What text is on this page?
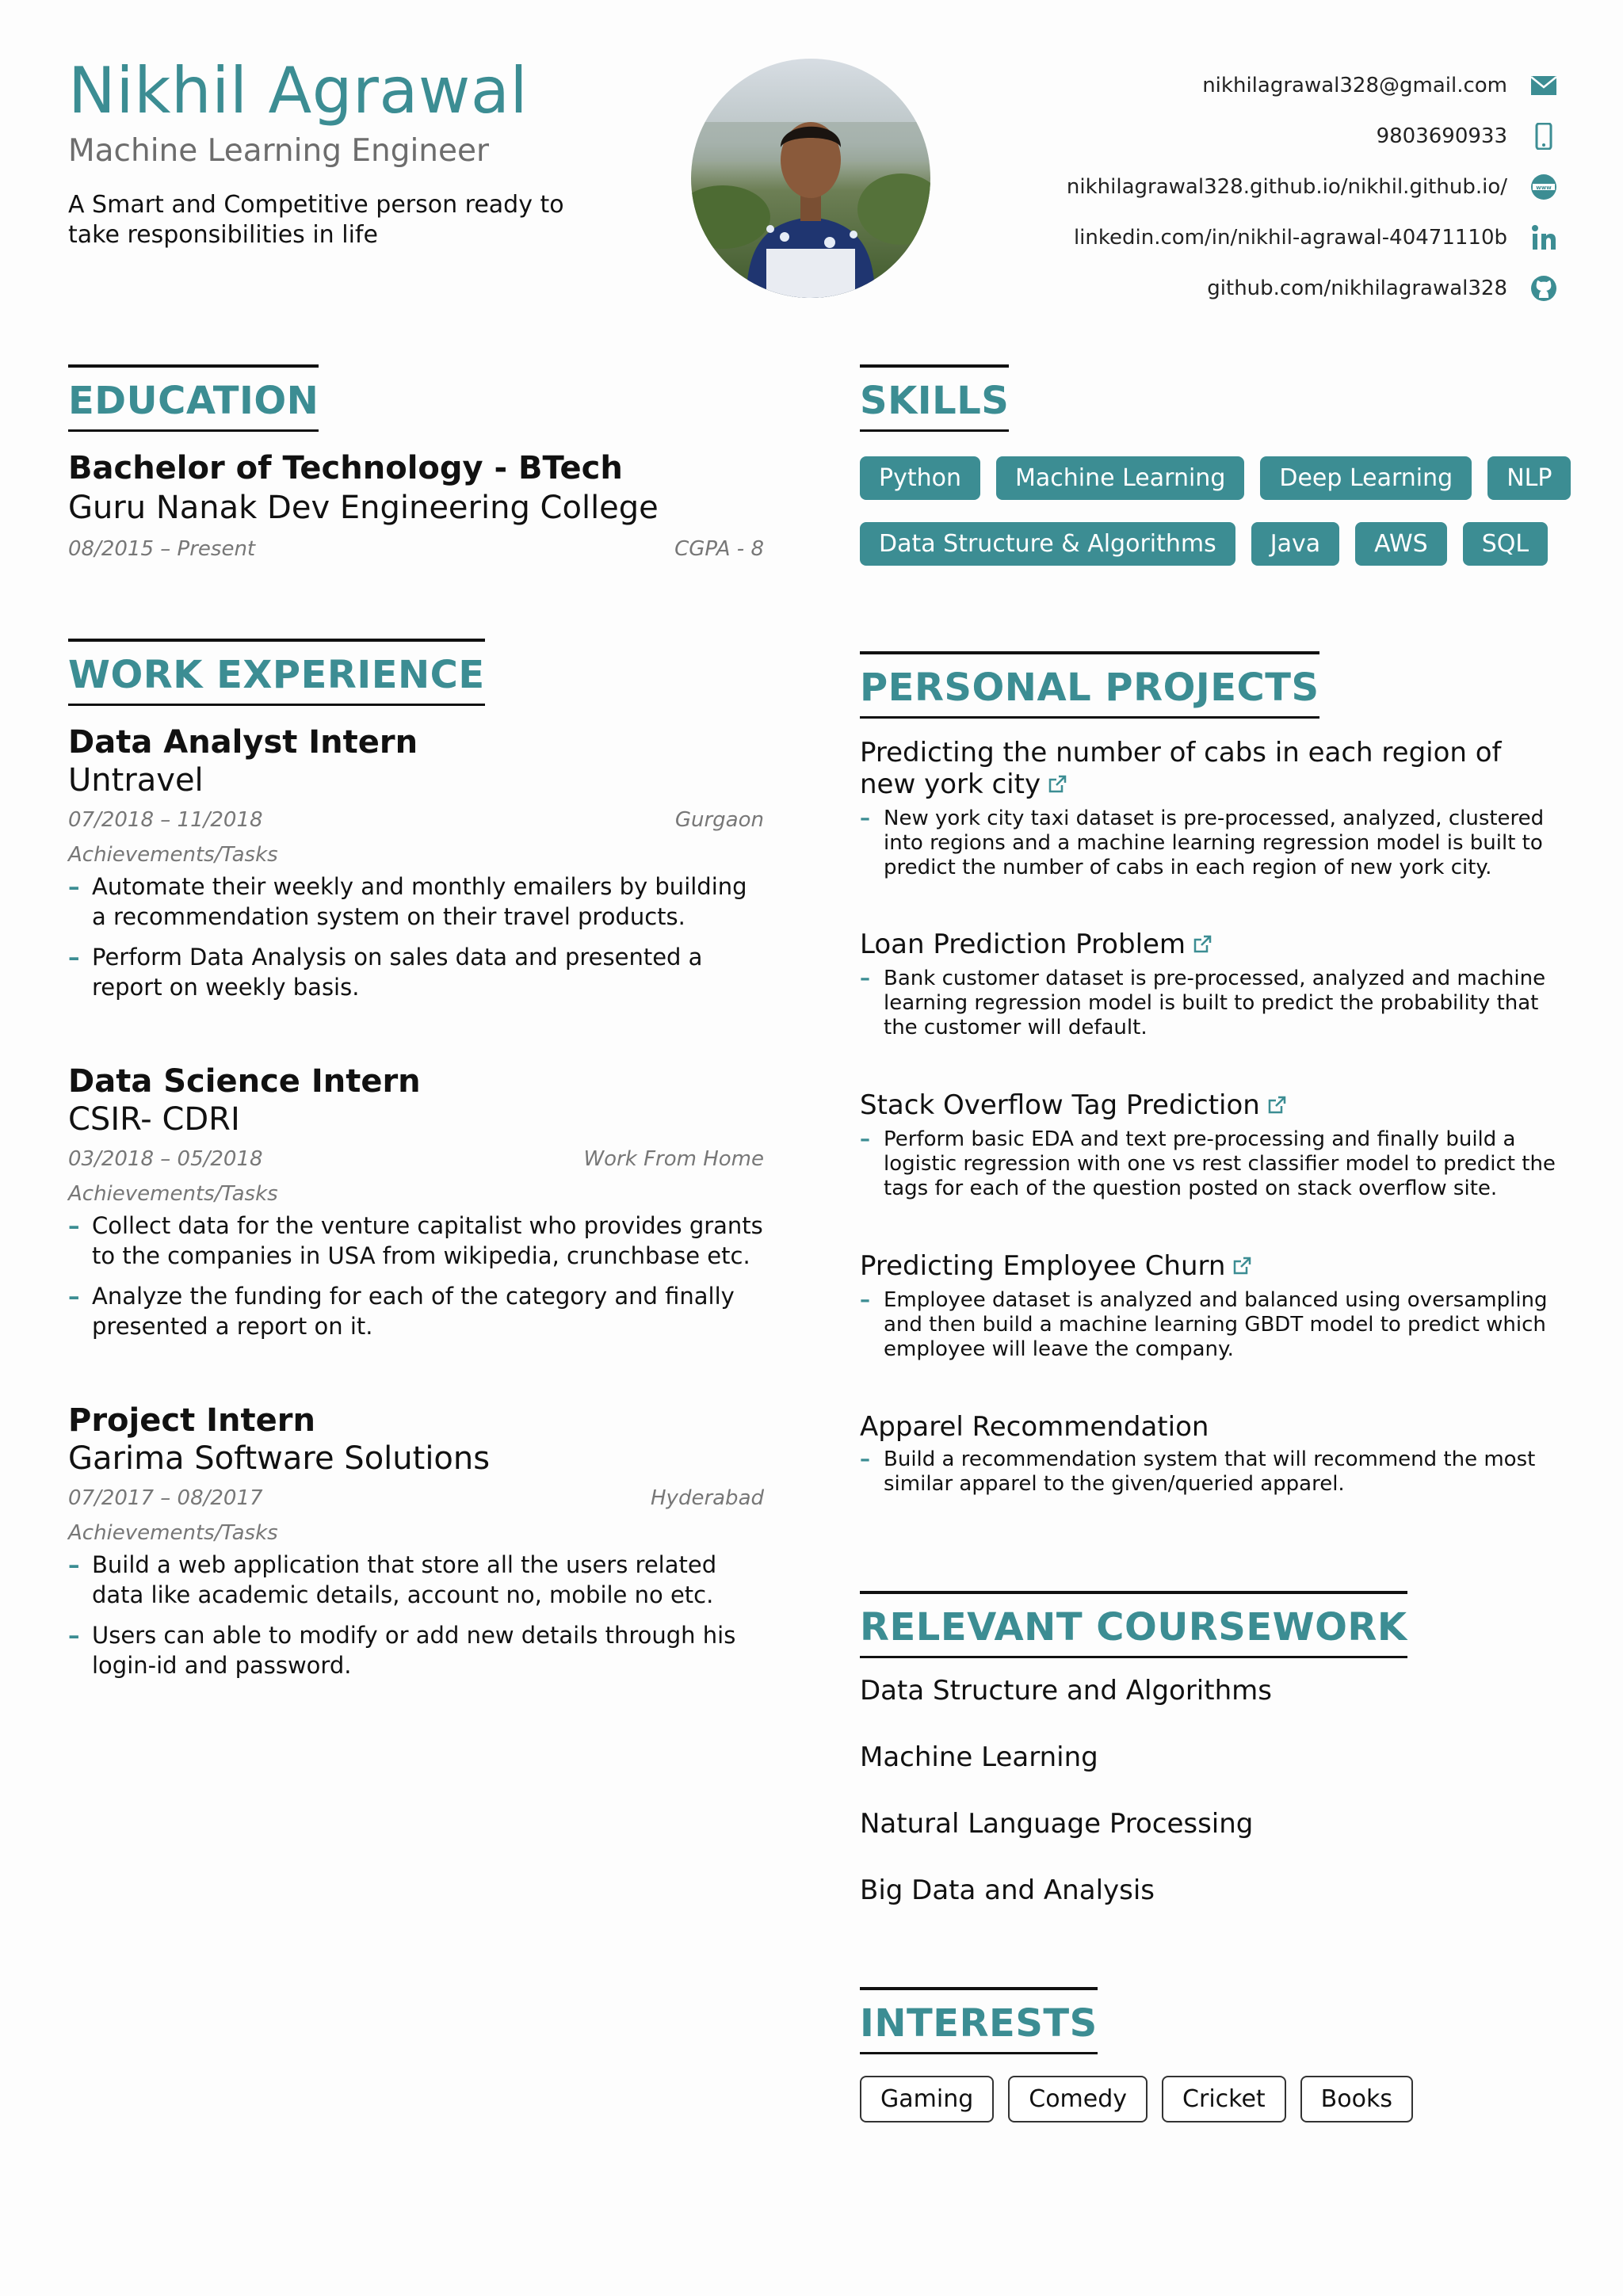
Nikhil Agrawal
Machine Learning Engineer
A Smart and Competitive person ready to take responsibilities in life
nikhilagrawal328@gmail.com
9803690933
nikhilagrawal328.github.io/nikhil.github.io/	www
linkedin.com/in/nikhil-agrawal-40471110b
github.com/nikhilagrawal328
EDUCATION
Bachelor of Technology - BTech
Guru Nanak Dev Engineering College
08/2015 – Present	CGPA - 8
WORK EXPERIENCE
Data Analyst Intern
Untravel
07/2018 – 11/2018	Gurgaon
Achievements/Tasks
– Automate their weekly and monthly emailers by building a recommendation system on their travel products.
– Perform Data Analysis on sales data and presented a report on weekly basis.
Data Science Intern
CSIR- CDRI
03/2018 – 05/2018	Work From Home
Achievements/Tasks
– Collect data for the venture capitalist who provides grants to the companies in USA from wikipedia, crunchbase etc.
– Analyze the funding for each of the category and finally presented a report on it.
Project Intern
Garima Software Solutions
07/2017 – 08/2017	Hyderabad
Achievements/Tasks
– Build a web application that store all the users related data like academic details, account no, mobile no etc.
– Users can able to modify or add new details through his login-id and password.
SKILLS
Python	Machine Learning	Deep Learning	NLP
Data Structure & Algorithms	Java	AWS	SQL
PERSONAL PROJECTS
Predicting the number of cabs in each region of new york city
– New york city taxi dataset is pre-processed, analyzed, clustered into regions and a machine learning regression model is built to predict the number of cabs in each region of new york city.
Loan Prediction Problem
– Bank customer dataset is pre-processed, analyzed and machine learning regression model is built to predict the probability that the customer will default.
Stack Overflow Tag Prediction
– Perform basic EDA and text pre-processing and finally build a logistic regression with one vs rest classifier model to predict the tags for each of the question posted on stack overflow site.
Predicting Employee Churn
– Employee dataset is analyzed and balanced using oversampling and then build a machine learning GBDT model to predict which employee will leave the company.
Apparel Recommendation
– Build a recommendation system that will recommend the most similar apparel to the given/queried apparel.
RELEVANT COURSEWORK
Data Structure and Algorithms
Machine Learning
Natural Language Processing
Big Data and Analysis
INTERESTS
Gaming	Comedy	Cricket	Books
